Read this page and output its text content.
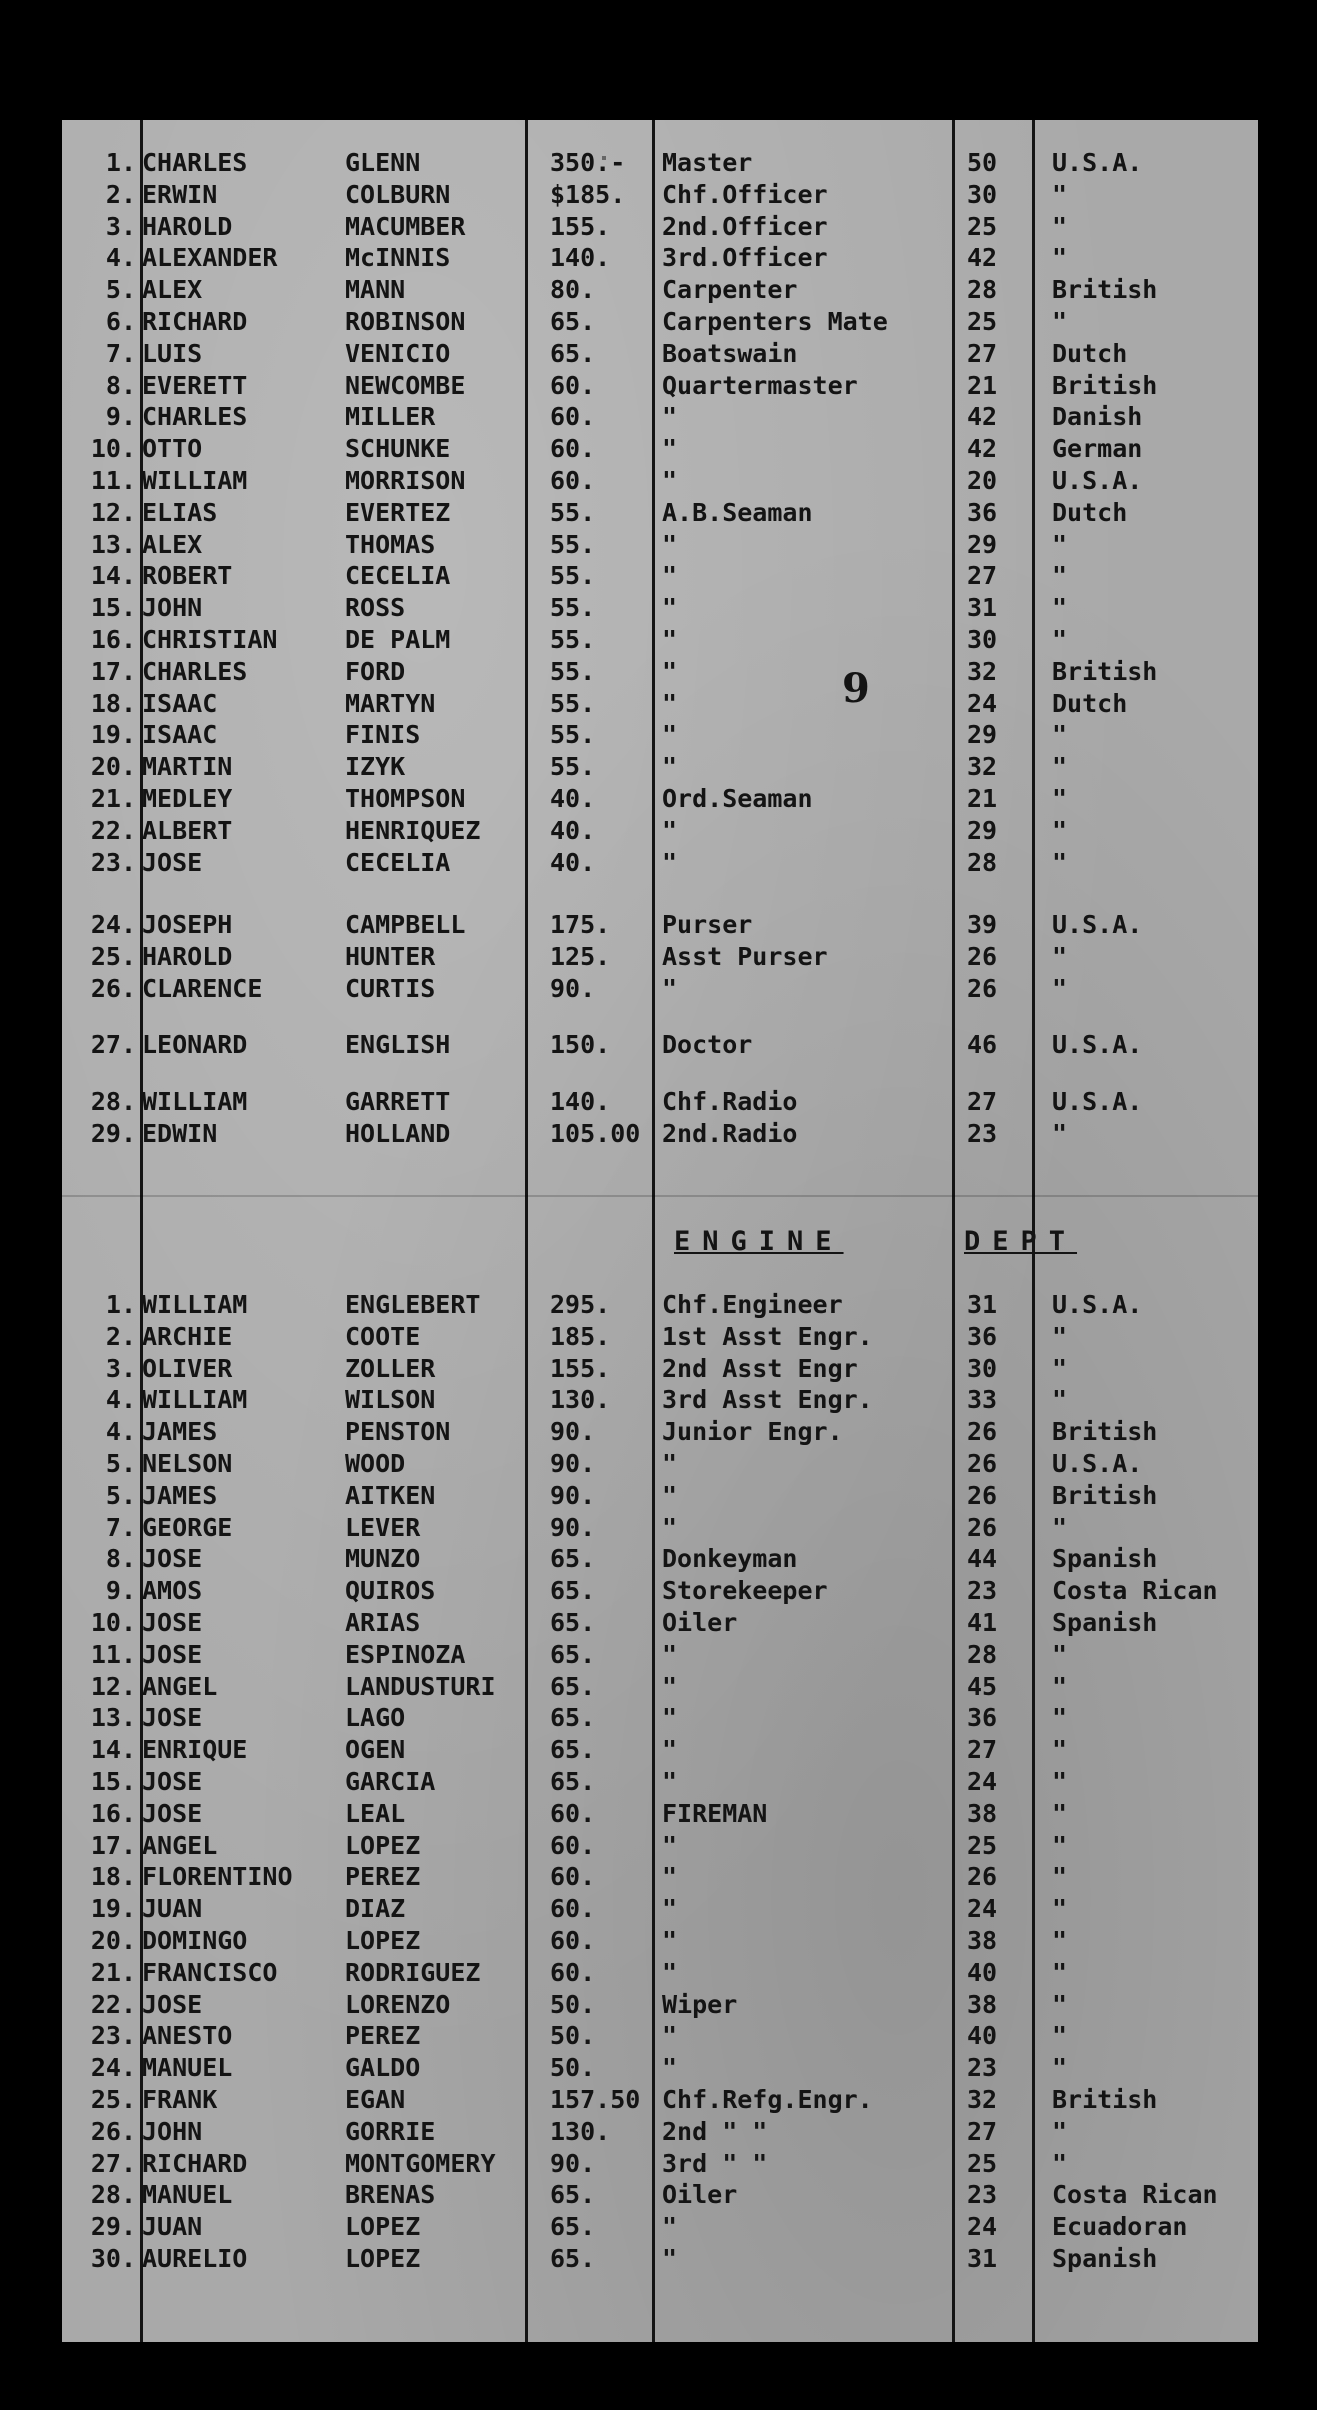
9
1. CHARLES	GLENN	350.- Master	50 U.S.A.
2. ERWIN	COLBURN	$185. Chf.Officer	30 "
3. HAROLD	MACUMBER	155. 2nd.Officer	25 "
4. ALEXANDER	McINNIS	140. 3rd.Officer	42 "
5. ALEX	MANN	80.	Carpenter	28 British
6. RICHARD	ROBINSON	65.	Carpenters Mate	25 "
7. LUIS	VENICIO	65.	Boatswain	27 Dutch
8. EVERETT	NEWCOMBE	60.	Quartermaster	21 British
9. CHARLES	MILLER	60.	"	42 Danish
10. OTTO	SCHUNKE	60.	"	42 German
11. WILLIAM	MORRISON	60.	"	20 U.S.A.
12. ELIAS	EVERTEZ	55.	A.B.Seaman	36 Dutch
13. ALEX	THOMAS	55.	"	29 "
14. ROBERT	CECELIA	55.	"	27 "
15. JOHN	ROSS	55.	"	31 "
16. CHRISTIAN	DE PALM	55.	"	30 "
17. CHARLES	FORD	55.	"	32 British
18. ISAAC	MARTYN	55.	"	24 Dutch
19. ISAAC	FINIS	55.	"	29 "
20. MARTIN	IZYK	55.	"	32 "
21. MEDLEY	THOMPSON	40.	Ord.Seaman	21 "
22. ALBERT	HENRIQUEZ	40.	"	29 "
23. JOSE	CECELIA	40.	"	28 "
24. JOSEPH	CAMPBELL	175. Purser	39 U.S.A.
25. HAROLD	HUNTER	125. Asst Purser	26 "
26. CLARENCE	CURTIS	90.	"	26 "
27. LEONARD	ENGLISH	150. Doctor	46 U.S.A.
28. WILLIAM	GARRETT	140. Chf.Radio	27 U.S.A.
29. EDWIN	HOLLAND	105.00 2nd.Radio	23 "
1. WILLIAM	ENGLEBERT	295. Chf.Engineer	31 U.S.A.
2. ARCHIE	COOTE	185. 1st Asst Engr.	36 "
3. OLIVER	ZOLLER	155. 2nd Asst Engr	30 "
4. WILLIAM	WILSON	130. 3rd Asst Engr.	33 "
4. JAMES	PENSTON	90.	Junior Engr.	26 British
5. NELSON	WOOD	90.	"	26 U.S.A.
5. JAMES	AITKEN	90.	"	26 British
7. GEORGE	LEVER	90.	"	26 "
8. JOSE	MUNZO	65.	Donkeyman	44 Spanish
9. AMOS	QUIROS	65.	Storekeeper	23 Costa Rican
10. JOSE	ARIAS	65.	Oiler	41 Spanish
11. JOSE	ESPINOZA	65.	"	28 "
12. ANGEL	LANDUSTURI 65.	"	45 "
13. JOSE	LAGO	65.	"	36 "
14. ENRIQUE	OGEN	65.	"	27 "
15. JOSE	GARCIA	65.	"	24 "
16. JOSE	LEAL	60.	FIREMAN	38 "
17. ANGEL	LOPEZ	60.	"	25 "
18. FLORENTINO PEREZ	60.	"	26 "
19. JUAN	DIAZ	60.	"	24 "
20. DOMINGO	LOPEZ	60.	"	38 "
21. FRANCISCO	RODRIGUEZ	60.	"	40 "
22. JOSE	LORENZO	50.	Wiper	38 "
23. ANESTO	PEREZ	50.	"	40 "
24. MANUEL	GALDO	50.	"	23 "
25. FRANK	EGAN	157.50 Chf.Refg.Engr.	32 British
26. JOHN	GORRIE	130. 2nd " "	27 "
27. RICHARD	MONTGOMERY 90.	3rd " "	25 "
28. MANUEL	BRENAS	65.	Oiler	23 Costa Rican
29. JUAN	LOPEZ	65.	"	24 Ecuadoran
30. AURELIO	LOPEZ	65.	"	31 Spanish
ENGINE	DEPT
